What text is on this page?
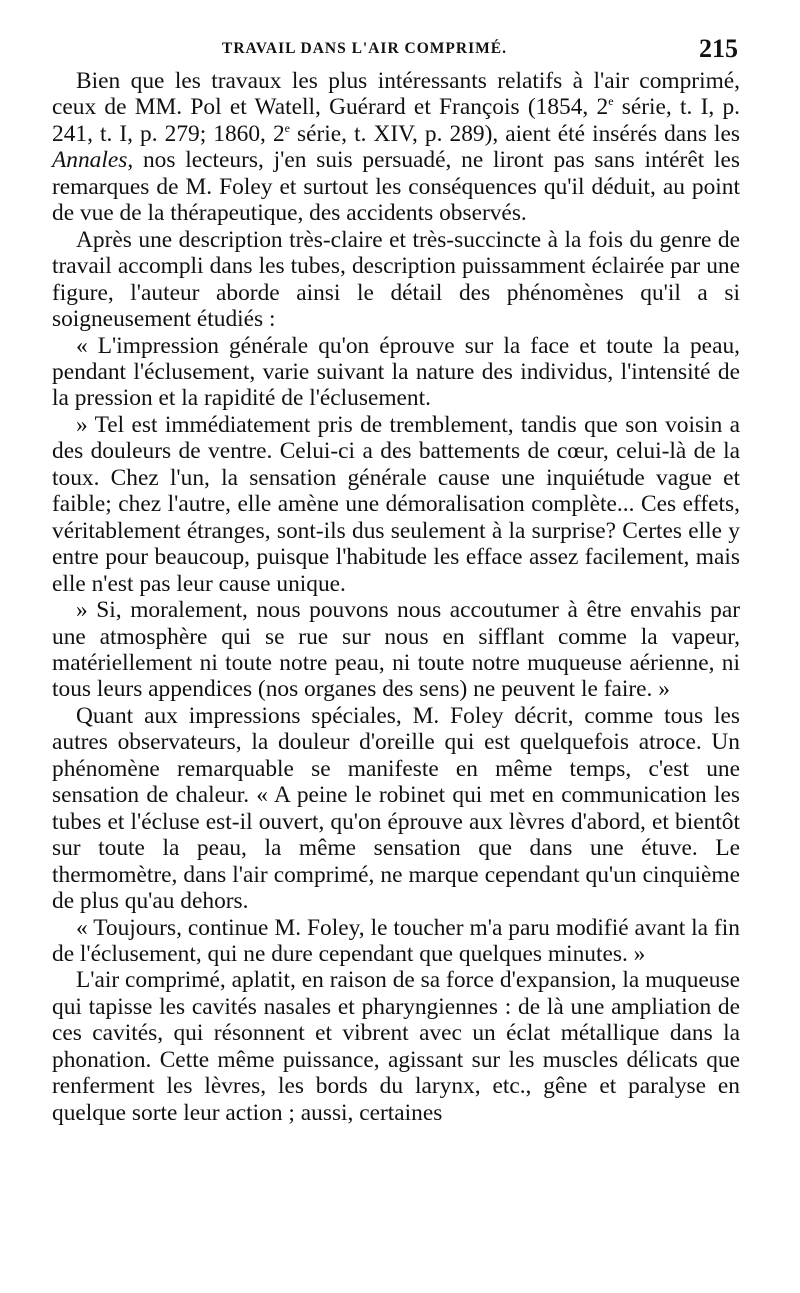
TRAVAIL DANS L'AIR COMPRIMÉ.	215

Bien que les travaux les plus intéressants relatifs à l'air comprimé, ceux de MM. Pol et Watell, Guérard et François (1854, 2e série, t. I, p. 241, t. I, p. 279; 1860, 2e série, t. XIV, p. 289), aient été insérés dans les Annales, nos lecteurs, j'en suis persuadé, ne liront pas sans intérêt les remarques de M. Foley et surtout les conséquences qu'il déduit, au point de vue de la thérapeutique, des accidents observés.

Après une description très-claire et très-succincte à la fois du genre de travail accompli dans les tubes, description puissamment éclairée par une figure, l'auteur aborde ainsi le détail des phénomènes qu'il a si soigneusement étudiés :

« L'impression générale qu'on éprouve sur la face et toute la peau, pendant l'éclusement, varie suivant la nature des individus, l'intensité de la pression et la rapidité de l'éclusement.

» Tel est immédiatement pris de tremblement, tandis que son voisin a des douleurs de ventre. Celui-ci a des battements de cœur, celui-là de la toux. Chez l'un, la sensation générale cause une inquiétude vague et faible; chez l'autre, elle amène une démoralisation complète... Ces effets, véritablement étranges, sont-ils dus seulement à la surprise? Certes elle y entre pour beaucoup, puisque l'habitude les efface assez facilement, mais elle n'est pas leur cause unique.

» Si, moralement, nous pouvons nous accoutumer à être envahis par une atmosphère qui se rue sur nous en sifflant comme la vapeur, matériellement ni toute notre peau, ni toute notre muqueuse aérienne, ni tous leurs appendices (nos organes des sens) ne peuvent le faire. »

Quant aux impressions spéciales, M. Foley décrit, comme tous les autres observateurs, la douleur d'oreille qui est quelquefois atroce. Un phénomène remarquable se manifeste en même temps, c'est une sensation de chaleur. « A peine le robinet qui met en communication les tubes et l'écluse est-il ouvert, qu'on éprouve aux lèvres d'abord, et bientôt sur toute la peau, la même sensation que dans une étuve. Le thermomètre, dans l'air comprimé, ne marque cependant qu'un cinquième de plus qu'au dehors.

« Toujours, continue M. Foley, le toucher m'a paru modifié avant la fin de l'éclusement, qui ne dure cependant que quelques minutes. »

L'air comprimé, aplatit, en raison de sa force d'expansion, la muqueuse qui tapisse les cavités nasales et pharyngiennes : de là une ampliation de ces cavités, qui résonnent et vibrent avec un éclat métallique dans la phonation. Cette même puissance, agissant sur les muscles délicats que renferment les lèvres, les bords du larynx, etc., gêne et paralyse en quelque sorte leur action ; aussi, certaines
